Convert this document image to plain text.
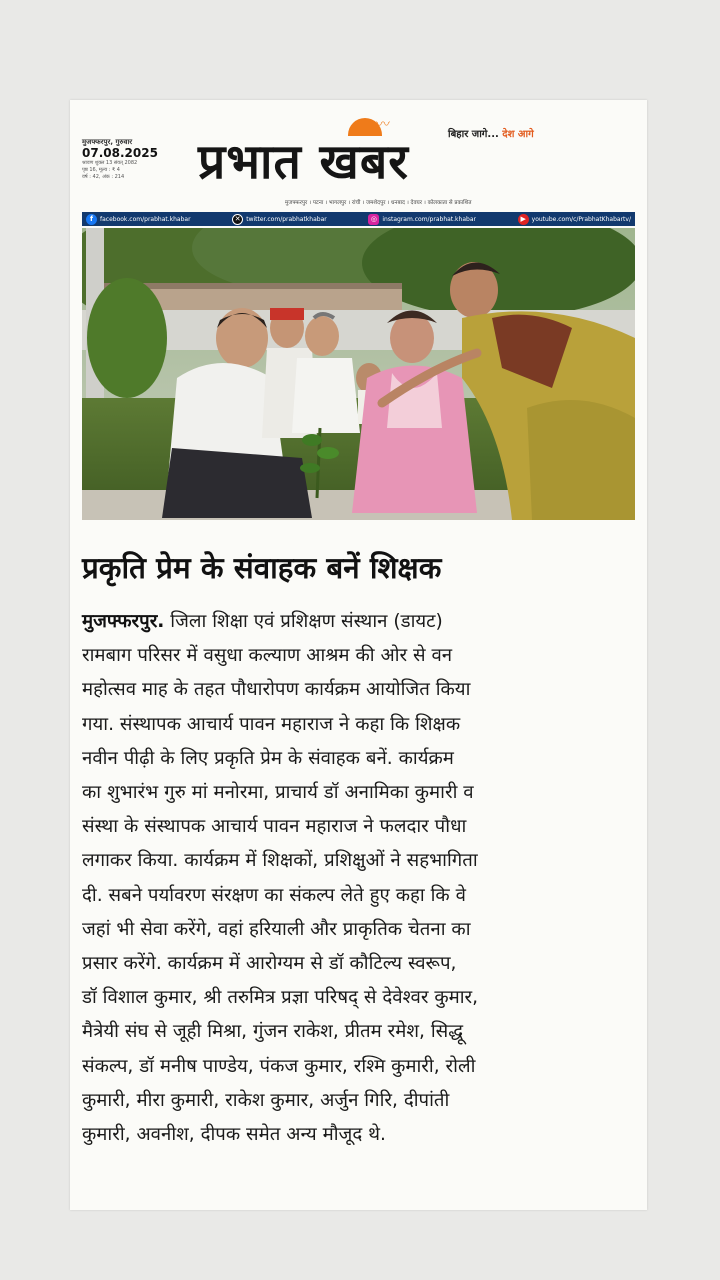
मुजफ्फरपुर, गुरुवार
07.08.2025
श्रावण शुक्ल 13 संवत् 2082
पृष्ठ 16, मूल्य : ₹ 4
वर्ष : 42, अंक : 214
〰
प्रभात खबर	बिहार जागे... देश आगे
मुजफ्फरपुर । पटना । भागलपुर । रांची । जमशेदपुर । धनबाद । देवघर । कोलकाता से प्रकाशित
f	facebook.com/prabhat.khabar	✕ twitter.com/prabhatkhabar	◎ instagram.com/prabhat.khabar	▶ youtube.com/c/PrabhatKhabartv/
प्रकृति प्रेम के संवाहक बनें शिक्षक
मुजफ्फरपुर. जिला शिक्षा एवं प्रशिक्षण संस्थान (डायट)
रामबाग परिसर में वसुधा कल्याण आश्रम की ओर से वन
महोत्सव माह के तहत पौधारोपण कार्यक्रम आयोजित किया
गया. संस्थापक आचार्य पावन महाराज ने कहा कि शिक्षक
नवीन पीढ़ी के लिए प्रकृति प्रेम के संवाहक बनें. कार्यक्रम
का शुभारंभ गुरु मां मनोरमा, प्राचार्य डॉ अनामिका कुमारी व
संस्था के संस्थापक आचार्य पावन महाराज ने फलदार पौधा
लगाकर किया. कार्यक्रम में शिक्षकों, प्रशिक्षुओं ने सहभागिता
दी. सबने पर्यावरण संरक्षण का संकल्प लेते हुए कहा कि वे
जहां भी सेवा करेंगे, वहां हरियाली और प्राकृतिक चेतना का
प्रसार करेंगे. कार्यक्रम में आरोग्यम से डॉ कौटिल्य स्वरूप,
डॉ विशाल कुमार, श्री तरुमित्र प्रज्ञा परिषद् से देवेश्वर कुमार,
मैत्रेयी संघ से जूही मिश्रा, गुंजन राकेश, प्रीतम रमेश, सिद्धू
संकल्प, डॉ मनीष पाण्डेय, पंकज कुमार, रश्मि कुमारी, रोली
कुमारी, मीरा कुमारी, राकेश कुमार, अर्जुन गिरि, दीपांती
कुमारी, अवनीश, दीपक समेत अन्य मौजूद थे.
